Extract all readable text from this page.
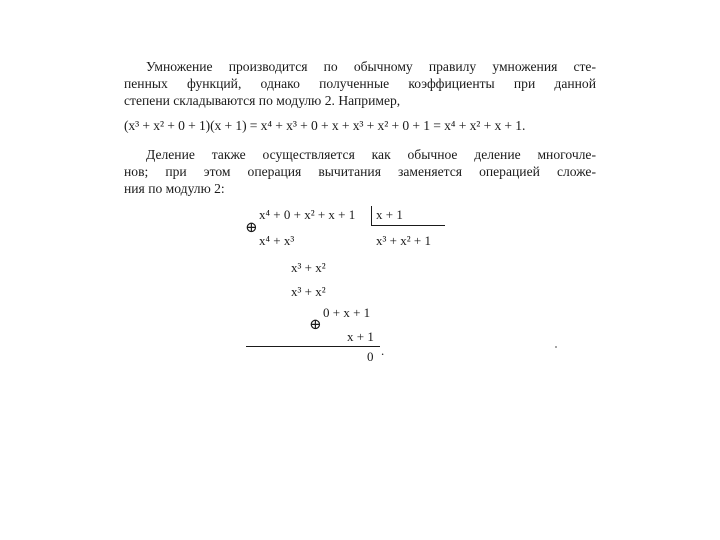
Умножение производится по обычному правилу умножения сте-
пенных функций, однако полученные коэффициенты при данной
степени складываются по модулю 2. Например,
(x³ + x² + 0 + 1)(x + 1) = x⁴ + x³ + 0 + x + x³ + x² + 0 + 1 = x⁴ + x² + x + 1.
Деление также осуществляется как обычное деление многочле-
нов; при этом операция вычитания заменяется операцией сложе-
ния по модулю 2:
⊕
x⁴ + 0 + x² + x + 1 x + 1
x⁴ + x³	x³ + x² + 1
x³ + x²
x³ + x²
⊕
0 + x + 1
x + 1
0 .
